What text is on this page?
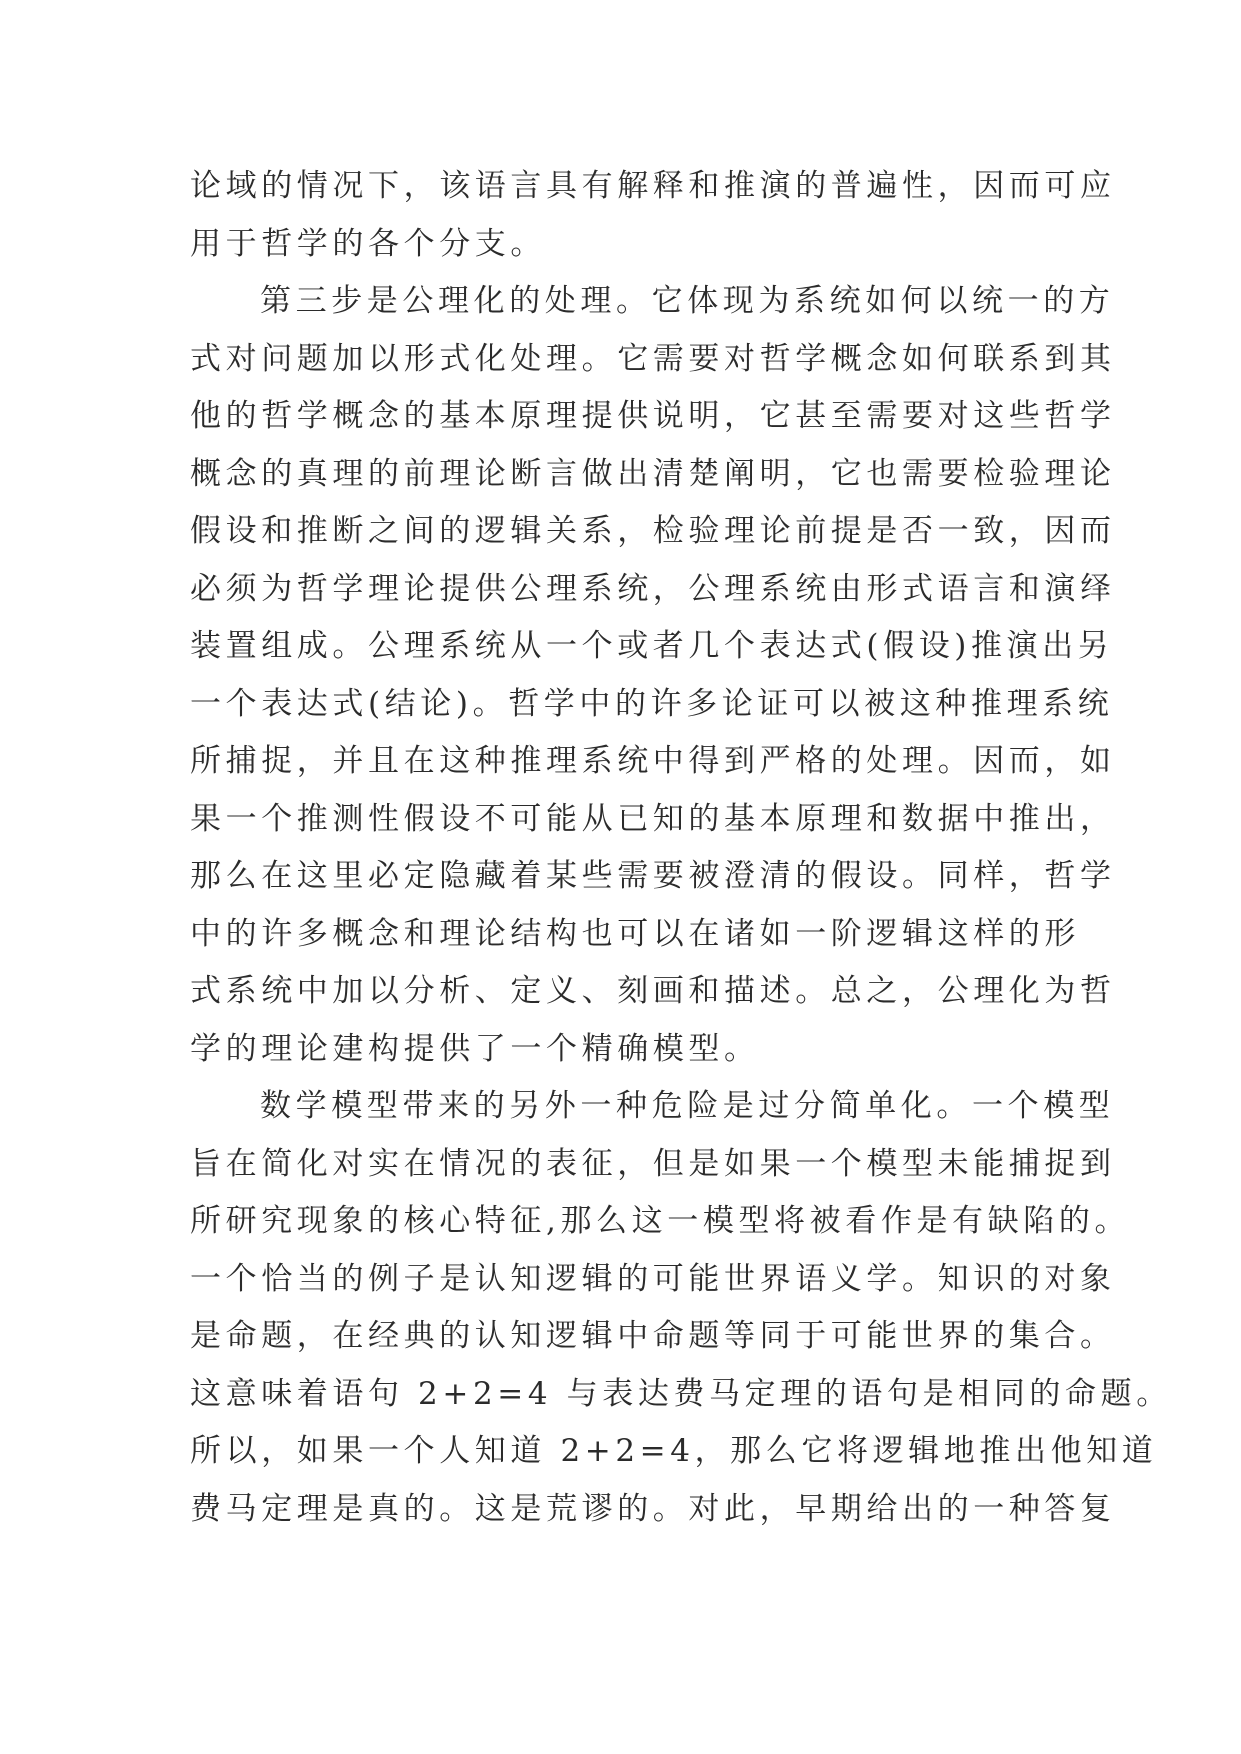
论域的情况下，该语言具有解释和推演的普遍性，因而可应
用于哲学的各个分支。
第三步是公理化的处理。它体现为系统如何以统一的方
式对问题加以形式化处理。它需要对哲学概念如何联系到其
他的哲学概念的基本原理提供说明，它甚至需要对这些哲学
概念的真理的前理论断言做出清楚阐明，它也需要检验理论
假设和推断之间的逻辑关系，检验理论前提是否一致，因而
必须为哲学理论提供公理系统，公理系统由形式语言和演绎
装置组成。公理系统从一个或者几个表达式(假设)推演出另
一个表达式(结论)。哲学中的许多论证可以被这种推理系统
所捕捉，并且在这种推理系统中得到严格的处理。因而，如
果一个推测性假设不可能从已知的基本原理和数据中推出，
那么在这里必定隐藏着某些需要被澄清的假设。同样，哲学
中的许多概念和理论结构也可以在诸如一阶逻辑这样的形
式系统中加以分析、定义、刻画和描述。总之，公理化为哲
学的理论建构提供了一个精确模型。
数学模型带来的另外一种危险是过分简单化。一个模型
旨在简化对实在情况的表征，但是如果一个模型未能捕捉到
所研究现象的核心特征,那么这一模型将被看作是有缺陷的。
一个恰当的例子是认知逻辑的可能世界语义学。知识的对象
是命题，在经典的认知逻辑中命题等同于可能世界的集合。
这意味着语句 2+2=4 与表达费马定理的语句是相同的命题。
所以，如果一个人知道 2+2=4，那么它将逻辑地推出他知道
费马定理是真的。这是荒谬的。对此，早期给出的一种答复
